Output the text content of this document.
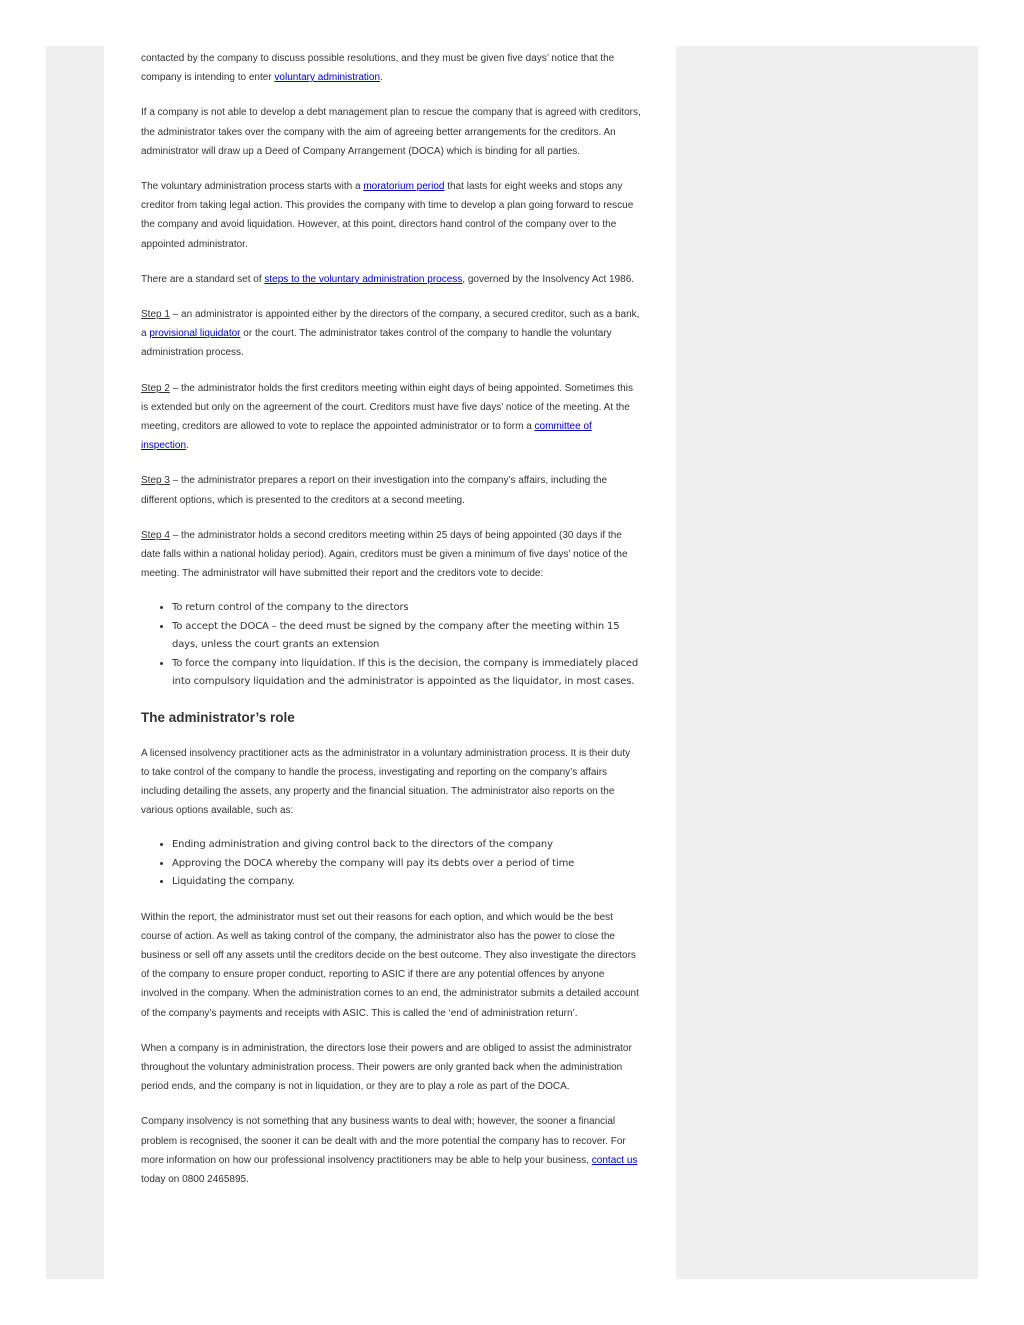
contacted by the company to discuss possible resolutions, and they must be given five days’ notice that the company is intending to enter voluntary administration.

If a company is not able to develop a debt management plan to rescue the company that is agreed with creditors, the administrator takes over the company with the aim of agreeing better arrangements for the creditors. An administrator will draw up a Deed of Company Arrangement (DOCA) which is binding for all parties.

The voluntary administration process starts with a moratorium period that lasts for eight weeks and stops any creditor from taking legal action. This provides the company with time to develop a plan going forward to rescue the company and avoid liquidation. However, at this point, directors hand control of the company over to the appointed administrator.

There are a standard set of steps to the voluntary administration process, governed by the Insolvency Act 1986.

Step 1 – an administrator is appointed either by the directors of the company, a secured creditor, such as a bank, a provisional liquidator or the court. The administrator takes control of the company to handle the voluntary administration process.

Step 2 – the administrator holds the first creditors meeting within eight days of being appointed. Sometimes this is extended but only on the agreement of the court. Creditors must have five days’ notice of the meeting. At the meeting, creditors are allowed to vote to replace the appointed administrator or to form a committee of inspection.

Step 3 – the administrator prepares a report on their investigation into the company’s affairs, including the different options, which is presented to the creditors at a second meeting.

Step 4 – the administrator holds a second creditors meeting within 25 days of being appointed (30 days if the date falls within a national holiday period). Again, creditors must be given a minimum of five days’ notice of the meeting. The administrator will have submitted their report and the creditors vote to decide:

• To return control of the company to the directors
• To accept the DOCA – the deed must be signed by the company after the meeting within 15 days, unless the court grants an extension
• To force the company into liquidation. If this is the decision, the company is immediately placed into compulsory liquidation and the administrator is appointed as the liquidator, in most cases.
The administrator’s role

A licensed insolvency practitioner acts as the administrator in a voluntary administration process. It is their duty to take control of the company to handle the process, investigating and reporting on the company’s affairs including detailing the assets, any property and the financial situation. The administrator also reports on the various options available, such as:

• Ending administration and giving control back to the directors of the company
• Approving the DOCA whereby the company will pay its debts over a period of time
• Liquidating the company.

Within the report, the administrator must set out their reasons for each option, and which would be the best course of action. As well as taking control of the company, the administrator also has the power to close the business or sell off any assets until the creditors decide on the best outcome. They also investigate the directors of the company to ensure proper conduct, reporting to ASIC if there are any potential offences by anyone involved in the company. When the administration comes to an end, the administrator submits a detailed account of the company’s payments and receipts with ASIC. This is called the ‘end of administration return’.

When a company is in administration, the directors lose their powers and are obliged to assist the administrator throughout the voluntary administration process. Their powers are only granted back when the administration period ends, and the company is not in liquidation, or they are to play a role as part of the DOCA.

Company insolvency is not something that any business wants to deal with; however, the sooner a financial problem is recognised, the sooner it can be dealt with and the more potential the company has to recover. For more information on how our professional insolvency practitioners may be able to help your business, contact us today on 0800 2465895.
